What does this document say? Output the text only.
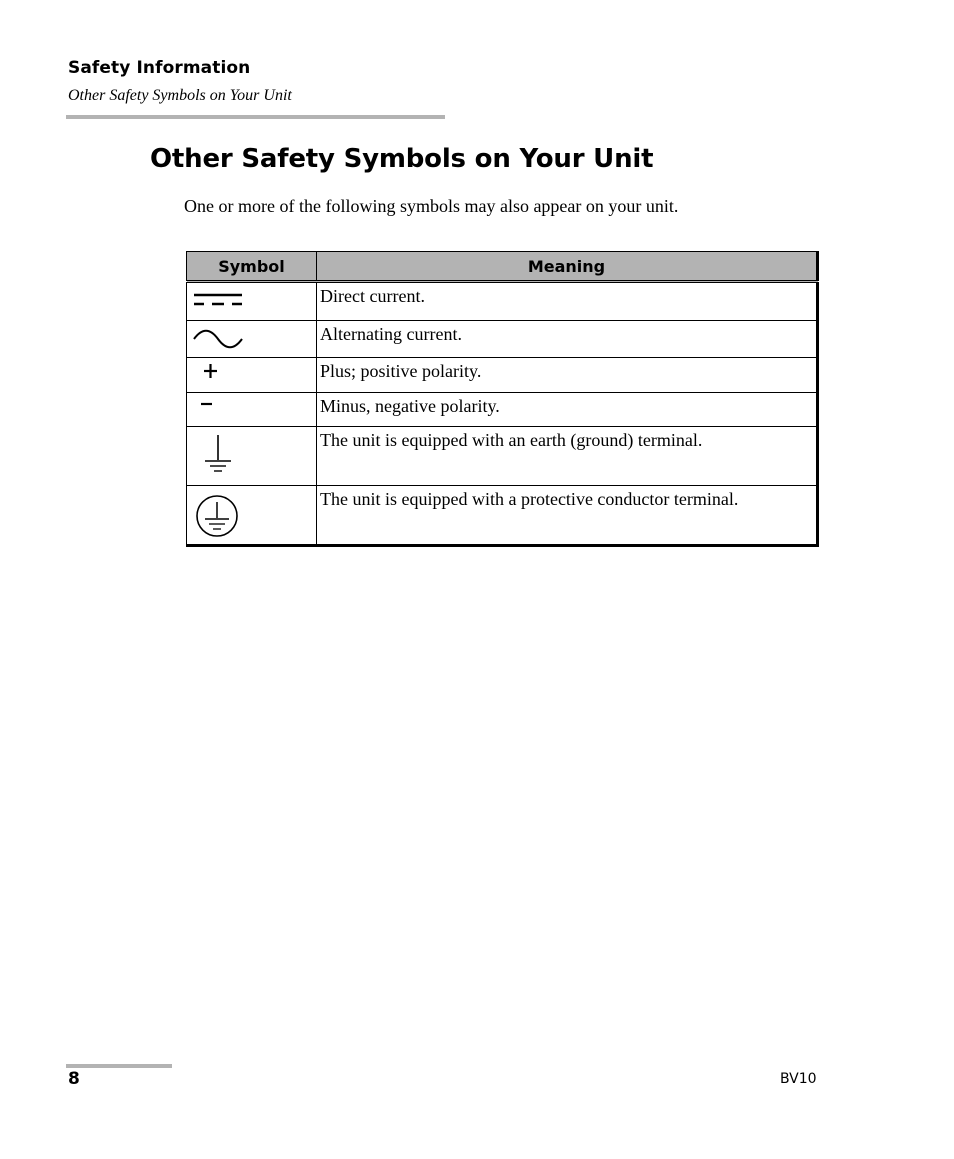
Safety Information
Other Safety Symbols on Your Unit
Other Safety Symbols on Your Unit

One or more of the following symbols may also appear on your unit.

Symbol	Meaning

	Direct current.

	Alternating current.

	Plus; positive polarity.

	Minus, negative polarity.

	The unit is equipped with an earth (ground) terminal.

	The unit is equipped with a protective conductor terminal.
8	BV10
